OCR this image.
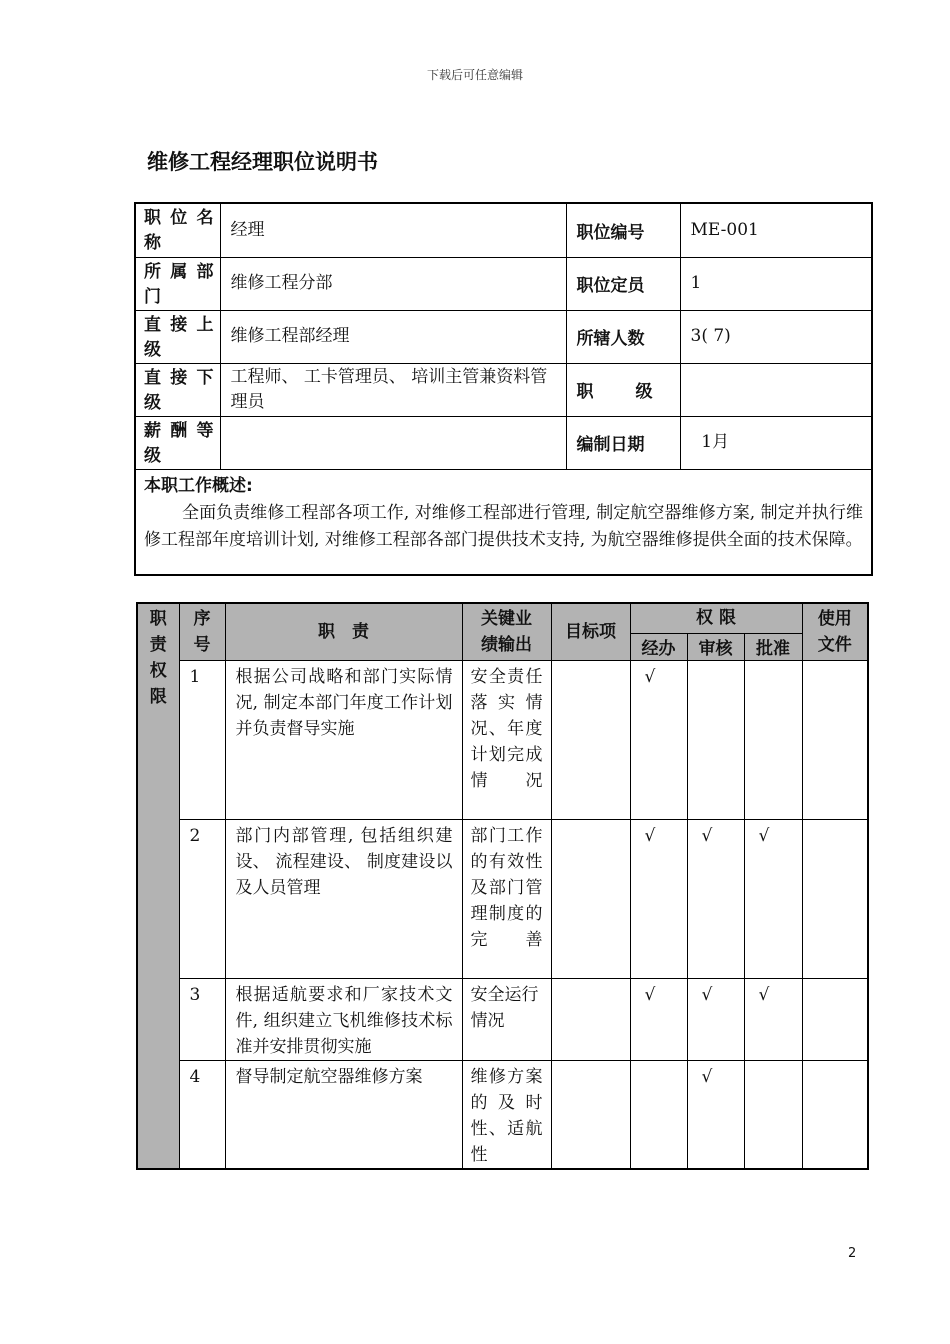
下载后可任意编辑
维修工程经理职位说明书
职 位 名
称	经理	职位编号	ME-001

所 属 部
门	维修工程分部	职位定员	1

直 接 上
级	维修工程部经理	所辖人数	3( 7)

直 接 下
级	工程师、 工卡管理员、 培训主管兼资料管理员	职　　级	

薪 酬 等
级		编制日期	1月

本职工作概述:
全面负责维修工程部各项工作, 对维修工程部进行管理, 制定航空器维修方案, 制定并执行维修工程部年度培训计划, 对维修工程部各部门提供技术支持, 为航空器维修提供全面的技术保障。			
职责权限	序号	职　责	关键业绩输出	目标项	权 限			使用文件

					经办	审核	批准	
	1	根据公司战略和部门实际情况, 制定本部门年度工作计划并负责督导实施	安全责任落实情况、年度计划完成情况		√			
	2	部门内部管理, 包括组织建设、 流程建设、 制度建设以及人员管理	部门工作的有效性及部门管理制度的完善		√	√	√	
	3	根据适航要求和厂家技术文件, 组织建立飞机维修技术标准并安排贯彻实施	安全运行情况		√	√	√	
	4	督导制定航空器维修方案	维修方案的及时性、适航性			√		
2
